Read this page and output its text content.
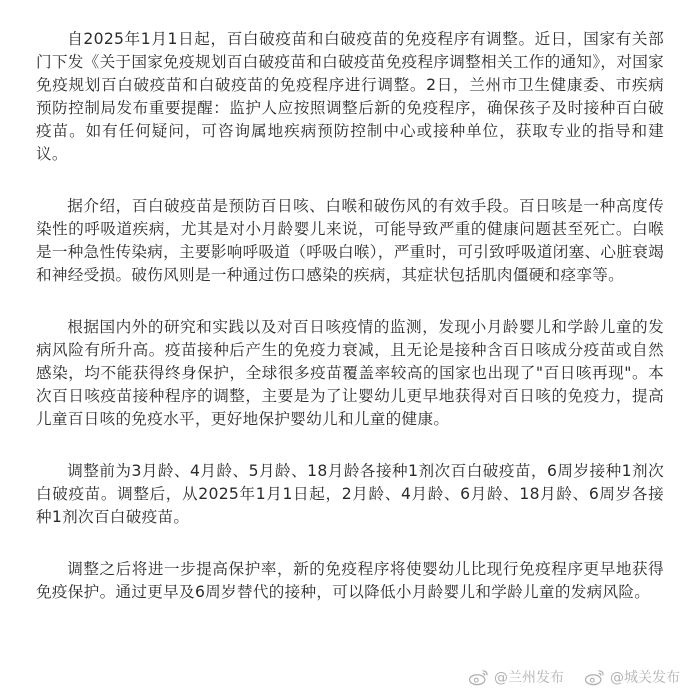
自2025年1月1日起，百白破疫苗和白破疫苗的免疫程序有调整。近日，国家有关部门下发《关于国家免疫规划百白破疫苗和白破疫苗免疫程序调整相关工作的通知》，对国家免疫规划百白破疫苗和白破疫苗的免疫程序进行调整。2日，兰州市卫生健康委、市疾病预防控制局发布重要提醒：监护人应按照调整后新的免疫程序，确保孩子及时接种百白破疫苗。如有任何疑问，可咨询属地疾病预防控制中心或接种单位，获取专业的指导和建议。

据介绍，百白破疫苗是预防百日咳、白喉和破伤风的有效手段。百日咳是一种高度传染性的呼吸道疾病，尤其是对小月龄婴儿来说，可能导致严重的健康问题甚至死亡。白喉是一种急性传染病，主要影响呼吸道（呼吸白喉），严重时，可引致呼吸道闭塞、心脏衰竭和神经受损。破伤风则是一种通过伤口感染的疾病，其症状包括肌肉僵硬和痉挛等。

根据国内外的研究和实践以及对百日咳疫情的监测，发现小月龄婴儿和学龄儿童的发病风险有所升高。疫苗接种后产生的免疫力衰减，且无论是接种含百日咳成分疫苗或自然感染，均不能获得终身保护，全球很多疫苗覆盖率较高的国家也出现了"百日咳再现"。本次百日咳疫苗接种程序的调整，主要是为了让婴幼儿更早地获得对百日咳的免疫力，提高儿童百日咳的免疫水平，更好地保护婴幼儿和儿童的健康。

调整前为3月龄、4月龄、5月龄、18月龄各接种1剂次百白破疫苗，6周岁接种1剂次白破疫苗。调整后，从2025年1月1日起，2月龄、4月龄、6月龄、18月龄、6周岁各接种1剂次百白破疫苗。

调整之后将进一步提高保护率，新的免疫程序将使婴幼儿比现行免疫程序更早地获得免疫保护。通过更早及6周岁替代的接种，可以降低小月龄婴儿和学龄儿童的发病风险。

@兰州发布	@城关发布
